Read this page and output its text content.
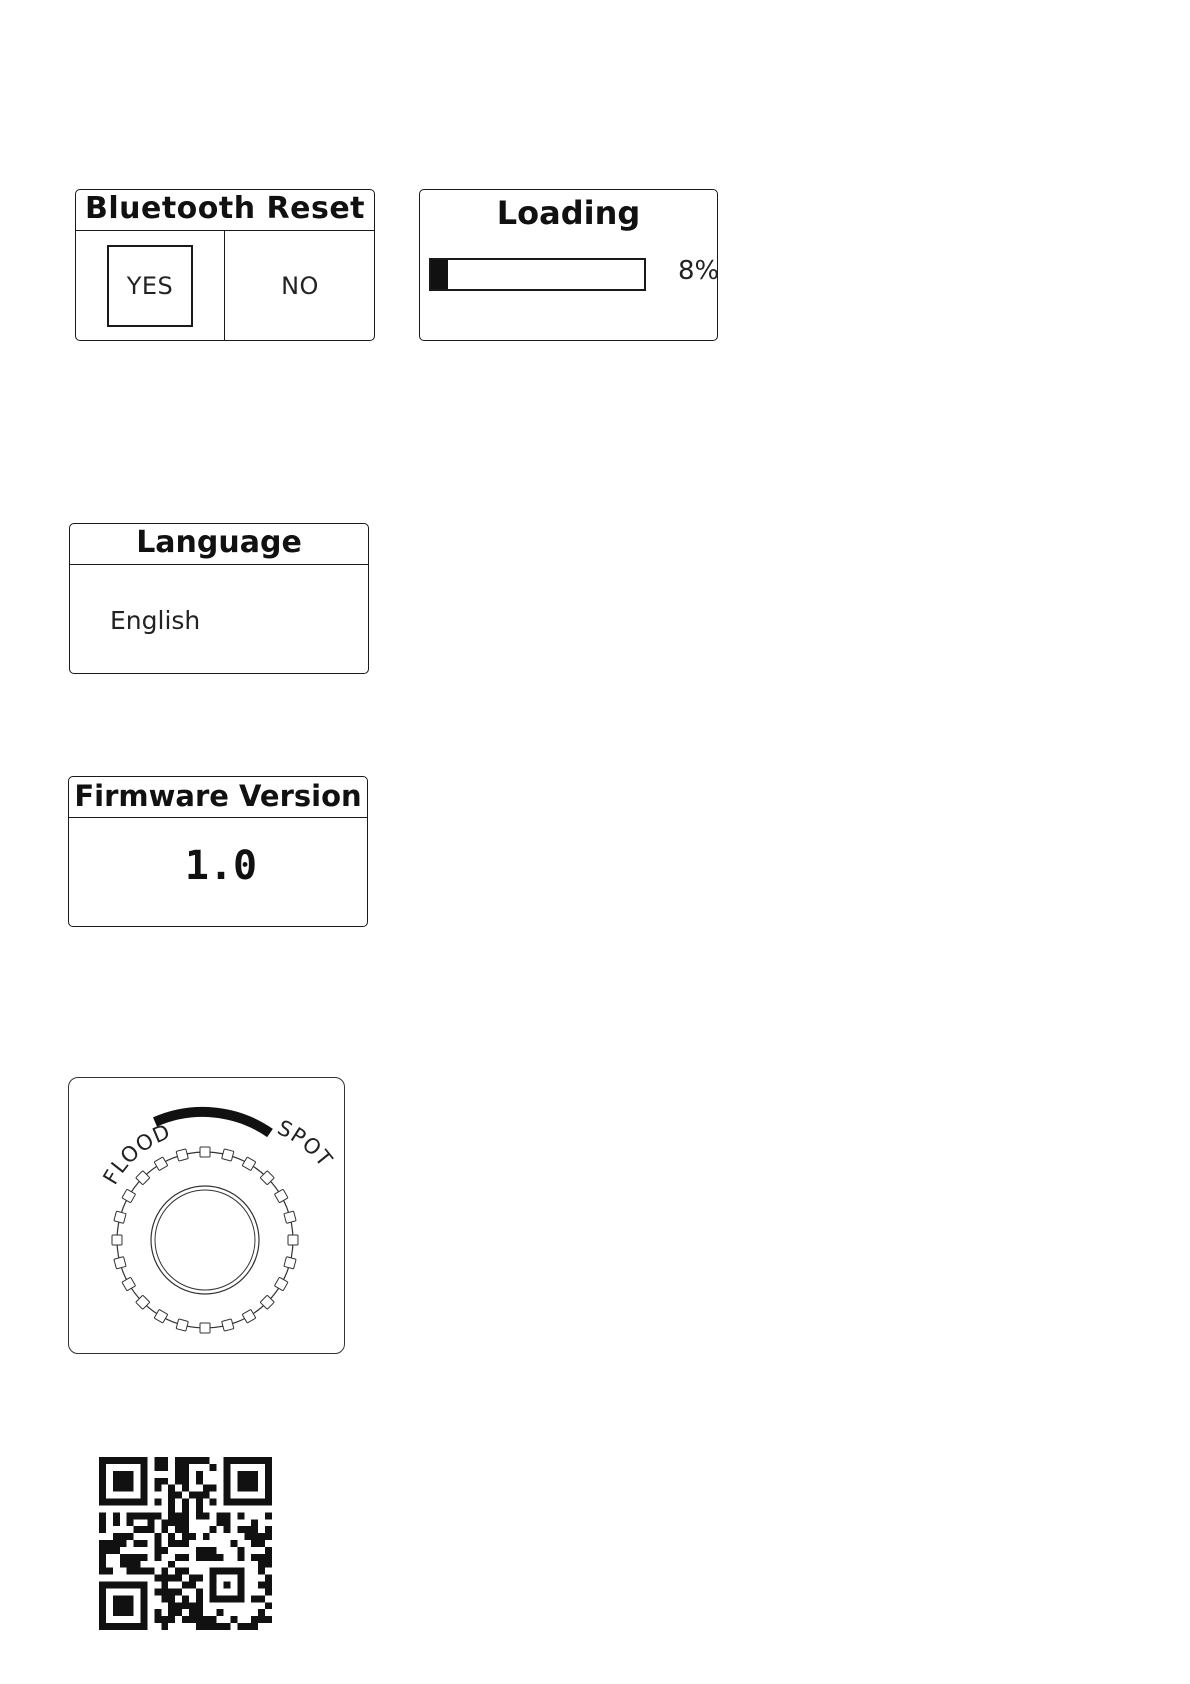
Bluetooth Reset
YES	NO
Loading
8%
Language
English
Firmware Version
1.0
FLOOD	SPOT
